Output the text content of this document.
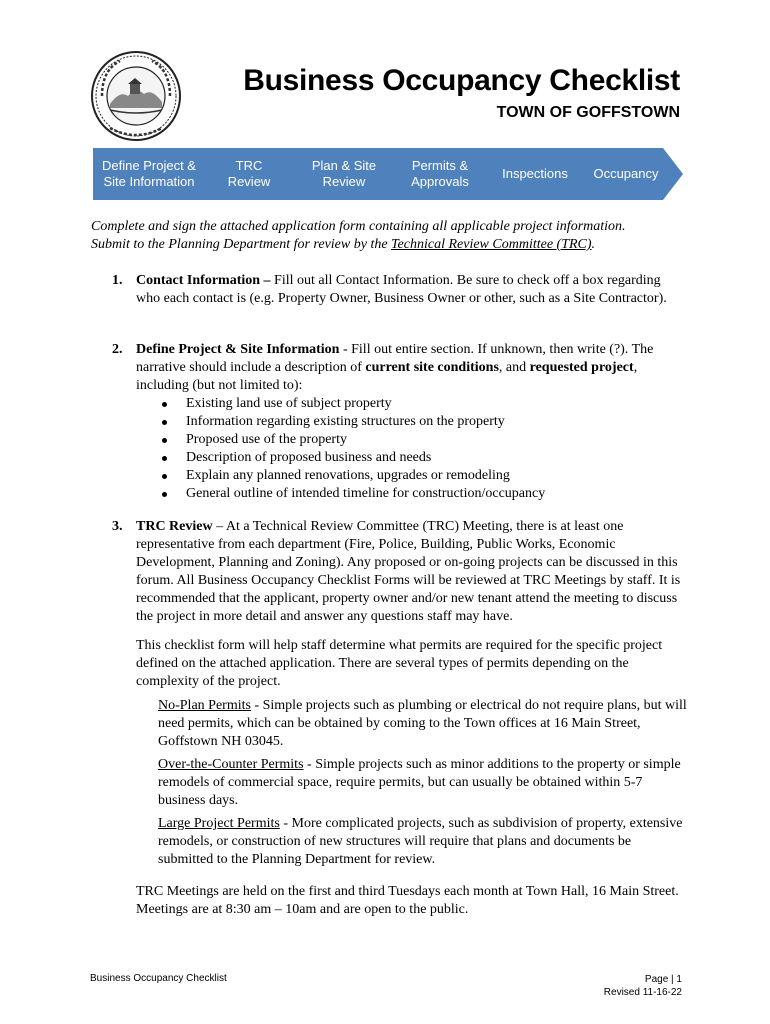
Business Occupancy Checklist
TOWN OF GOFFSTOWN
Define Project &
Site Information
TRC
Review
Plan & Site
Review
Permits &
Approvals
Inspections	Occupancy
Complete and sign the attached application form containing all applicable project information.
Submit to the Planning Department for review by the Technical Review Committee (TRC).
1. Contact Information – Fill out all Contact Information. Be sure to check off a box regarding who each contact is (e.g. Property Owner, Business Owner or other, such as a Site Contractor).
2. Define Project & Site Information - Fill out entire section. If unknown, then write (?). The narrative should include a description of current site conditions, and requested project, including (but not limited to):
Existing land use of subject property
Information regarding existing structures on the property
Proposed use of the property
Description of proposed business and needs
Explain any planned renovations, upgrades or remodeling
General outline of intended timeline for construction/occupancy
3. TRC Review – At a Technical Review Committee (TRC) Meeting, there is at least one representative from each department (Fire, Police, Building, Public Works, Economic Development, Planning and Zoning). Any proposed or on-going projects can be discussed in this forum. All Business Occupancy Checklist Forms will be reviewed at TRC Meetings by staff. It is recommended that the applicant, property owner and/or new tenant attend the meeting to discuss the project in more detail and answer any questions staff may have.
This checklist form will help staff determine what permits are required for the specific project defined on the attached application. There are several types of permits depending on the complexity of the project.
No-Plan Permits - Simple projects such as plumbing or electrical do not require plans, but will need permits, which can be obtained by coming to the Town offices at 16 Main Street, Goffstown NH 03045.
Over-the-Counter Permits - Simple projects such as minor additions to the property or simple remodels of commercial space, require permits, but can usually be obtained within 5-7 business days.
Large Project Permits - More complicated projects, such as subdivision of property, extensive remodels, or construction of new structures will require that plans and documents be submitted to the Planning Department for review.
TRC Meetings are held on the first and third Tuesdays each month at Town Hall, 16 Main Street. Meetings are at 8:30 am – 10am and are open to the public.
Business Occupancy Checklist	Page | 1
Revised 11-16-22
